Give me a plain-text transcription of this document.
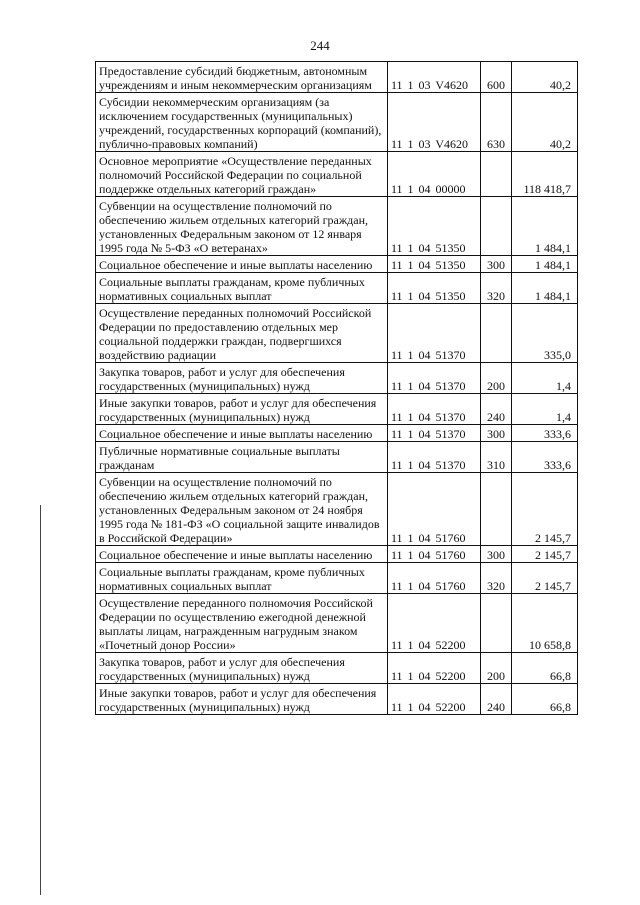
244
Предоставление субсидий бюджетным, автономным учреждениям и иным некоммерческим организациям	11 1 03 V4620	600	40,2
Субсидии некоммерческим организациям (за исключением государственных (муниципальных) учреждений, государственных корпораций (компаний), публично-правовых компаний)	11 1 03 V4620	630	40,2
Основное мероприятие «Осуществление переданных полномочий Российской Федерации по социальной поддержке отдельных категорий граждан»	11 1 04 00000		118 418,7
Субвенции на осуществление полномочий по обеспечению жильем отдельных категорий граждан, установленных Федеральным законом от 12 января 1995 года № 5-ФЗ «О ветеранах»	11 1 04 51350		1 484,1
Социальное обеспечение и иные выплаты населению	11 1 04 51350	300	1 484,1
Социальные выплаты гражданам, кроме публичных нормативных социальных выплат	11 1 04 51350	320	1 484,1
Осуществление переданных полномочий Российской Федерации по предоставлению отдельных мер социальной поддержки граждан, подвергшихся воздействию радиации	11 1 04 51370		335,0
Закупка товаров, работ и услуг для обеспечения государственных (муниципальных) нужд	11 1 04 51370	200	1,4
Иные закупки товаров, работ и услуг для обеспечения государственных (муниципальных) нужд	11 1 04 51370	240	1,4
Социальное обеспечение и иные выплаты населению	11 1 04 51370	300	333,6
Публичные нормативные социальные выплаты гражданам	11 1 04 51370	310	333,6
Субвенции на осуществление полномочий по обеспечению жильем отдельных категорий граждан, установленных Федеральным законом от 24 ноября 1995 года № 181-ФЗ «О социальной защите инвалидов в Российской Федерации»	11 1 04 51760		2 145,7
Социальное обеспечение и иные выплаты населению	11 1 04 51760	300	2 145,7
Социальные выплаты гражданам, кроме публичных нормативных социальных выплат	11 1 04 51760	320	2 145,7
Осуществление переданного полномочия Российской Федерации по осуществлению ежегодной денежной выплаты лицам, награжденным нагрудным знаком «Почетный донор России»	11 1 04 52200		10 658,8
Закупка товаров, работ и услуг для обеспечения государственных (муниципальных) нужд	11 1 04 52200	200	66,8
Иные закупки товаров, работ и услуг для обеспечения государственных (муниципальных) нужд	11 1 04 52200	240	66,8
